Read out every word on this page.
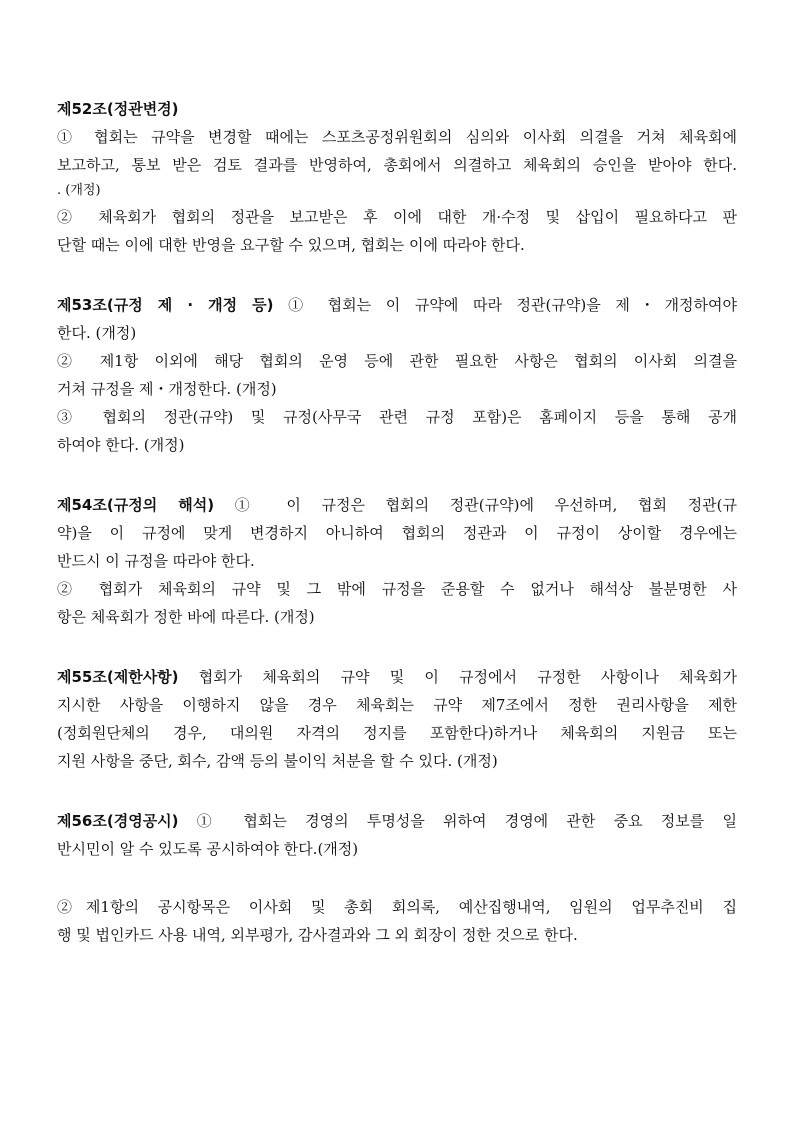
제52조(정관변경)
① 협회는 규약을 변경할 때에는 스포츠공정위원회의 심의와 이사회 의결을 거쳐 체육회에
보고하고, 통보 받은 검토 결과를 반영하여, 총회에서 의결하고 체육회의 승인을 받아야 한다.
. (개정)
② 체육회가 협회의 정관을 보고받은 후 이에 대한 개·수정 및 삽입이 필요하다고 판
단할 때는 이에 대한 반영을 요구할 수 있으며, 협회는 이에 따라야 한다.
제53조(규정 제 · 개정 등) ① 협회는 이 규약에 따라 정관(규약)을 제・개정하여야
한다. (개정)
② 제1항 이외에 해당 협회의 운영 등에 관한 필요한 사항은 협회의 이사회 의결을
거쳐 규정을 제・개정한다. (개정)
③ 협회의 정관(규약) 및 규정(사무국 관련 규정 포함)은 홈페이지 등을 통해 공개
하여야 한다. (개정)
제54조(규정의 해석) ① 이 규정은 협회의 정관(규약)에 우선하며, 협회 정관(규
약)을 이 규정에 맞게 변경하지 아니하여 협회의 정관과 이 규정이 상이할 경우에는
반드시 이 규정을 따라야 한다.
② 협회가 체육회의 규약 및 그 밖에 규정을 준용할 수 없거나 해석상 불분명한 사
항은 체육회가 정한 바에 따른다. (개정)
제55조(제한사항) 협회가 체육회의 규약 및 이 규정에서 규정한 사항이나 체육회가
지시한 사항을 이행하지 않을 경우 체육회는 규약 제7조에서 정한 권리사항을 제한
(정회원단체의 경우, 대의원 자격의 정지를 포함한다)하거나 체육회의 지원금 또는
지원 사항을 중단, 회수, 감액 등의 불이익 처분을 할 수 있다. (개정)
제56조(경영공시) ① 협회는 경영의 투명성을 위하여 경영에 관한 중요 정보를 일
반시민이 알 수 있도록 공시하여야 한다.(개정)
②제1항의 공시항목은 이사회 및 총회 회의록, 예산집행내역, 임원의 업무추진비 집
행 및 법인카드 사용 내역, 외부평가, 감사결과와 그 외 회장이 정한 것으로 한다.
